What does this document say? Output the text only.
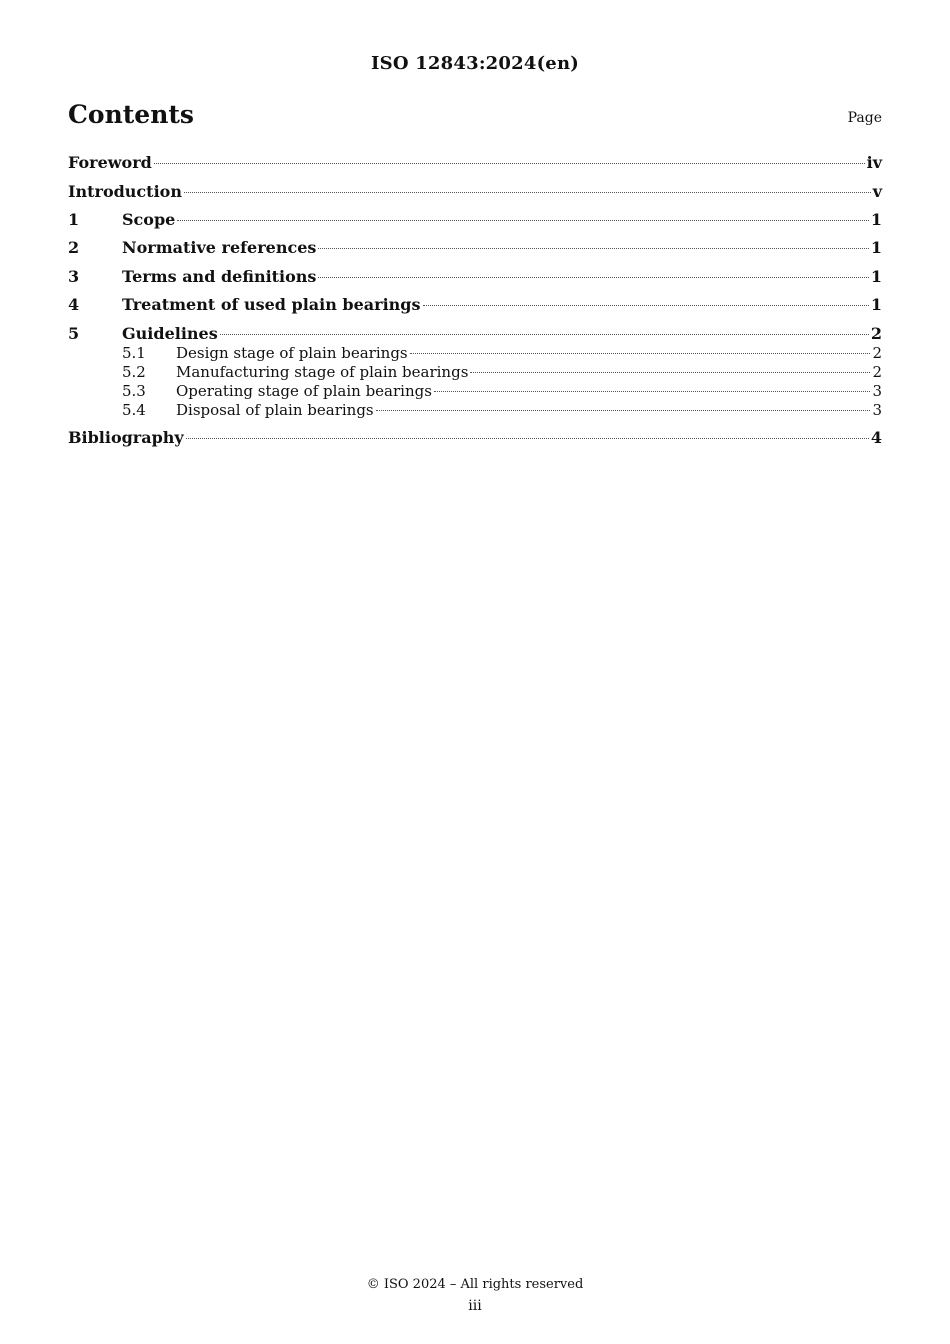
ISO 12843:2024(en)
Contents	Page
Foreword	iv
Introduction	v
1	Scope	1
2	Normative references	1
3	Terms and definitions	1
4	Treatment of used plain bearings	1
5	Guidelines	2
5.1	Design stage of plain bearings	2
5.2	Manufacturing stage of plain bearings	2
5.3	Operating stage of plain bearings	3
5.4	Disposal of plain bearings	3
Bibliography	4
© ISO 2024 – All rights reserved
iii
